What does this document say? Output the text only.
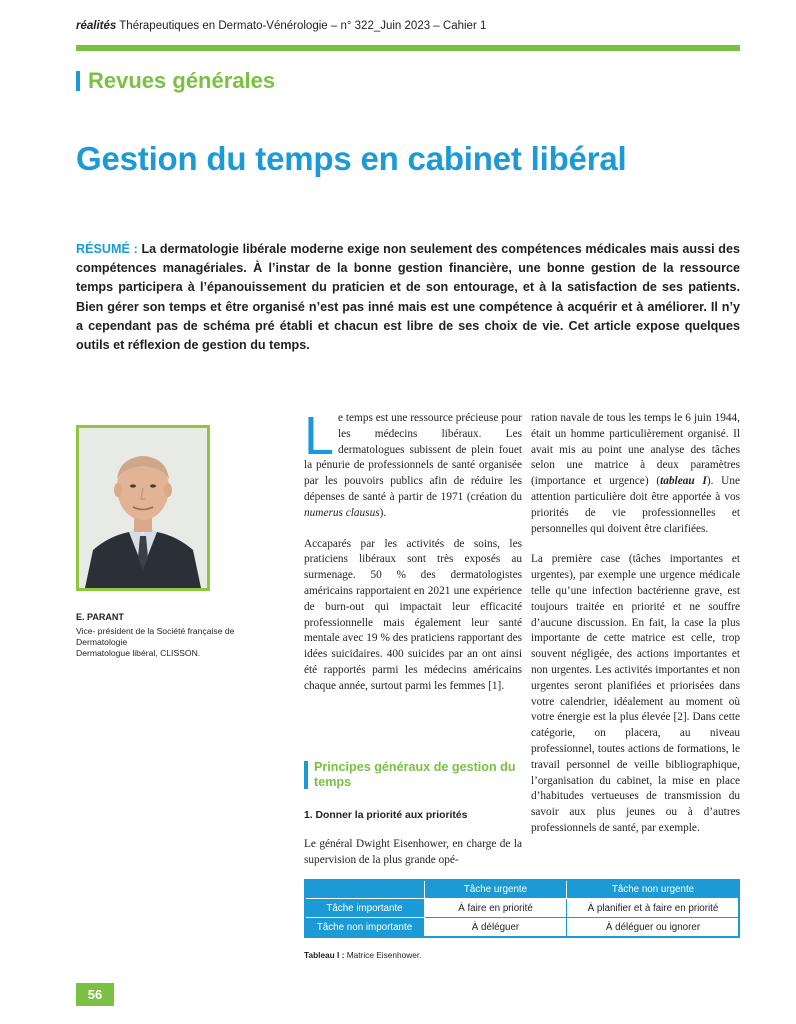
réalités Thérapeutiques en Dermato-Vénérologie – n° 322_Juin 2023 – Cahier 1
Revues générales
Gestion du temps en cabinet libéral
RÉSUMÉ : La dermatologie libérale moderne exige non seulement des compétences médicales mais aussi des compétences managériales. À l’instar de la bonne gestion financière, une bonne gestion de la ressource temps participera à l’épanouissement du praticien et de son entourage, et à la satisfaction de ses patients. Bien gérer son temps et être organisé n’est pas inné mais est une compétence à acquérir et à améliorer. Il n’y a cependant pas de schéma pré établi et chacun est libre de ses choix de vie. Cet article expose quelques outils et réflexion de gestion du temps.
E. PARANT
Vice- président de la Société française de Dermatologie
Dermatologue libéral, CLISSON.

Le temps est une ressource précieuse pour les médecins libéraux. Les dermatologues subissent de plein fouet la pénurie de professionnels de santé organisée par les pouvoirs publics afin de réduire les dépenses de santé à partir de 1971 (création du numerus clausus).

Accaparés par les activités de soins, les praticiens libéraux sont très exposés au surmenage. 50 % des dermatologistes américains rapportaient en 2021 une expérience de burn-out qui impactait leur efficacité professionnelle mais également leur santé mentale avec 19 % des praticiens rapportant des idées suicidaires. 400 suicides par an ont ainsi été rapportés parmi les médecins américains chaque année, surtout parmi les femmes [1].

Principes généraux de gestion du temps
1. Donner la priorité aux priorités

Le général Dwight Eisenhower, en charge de la supervision de la plus grande opé-

ration navale de tous les temps le 6 juin 1944, était un homme particulièrement organisé. Il avait mis au point une analyse des tâches selon une matrice à deux paramètres (importance et urgence) (tableau I). Une attention particulière doit être apportée à vos priorités de vie professionnelles et personnelles qui doivent être clarifiées.

La première case (tâches importantes et urgentes), par exemple une urgence médicale telle qu’une infection bactérienne grave, est toujours traitée en priorité et ne souffre d’aucune discussion. En fait, la case la plus importante de cette matrice est celle, trop souvent négligée, des actions importantes et non urgentes. Les activités importantes et non urgentes seront planifiées et priorisées dans votre calendrier, idéalement au moment où votre énergie est la plus élevée [2]. Dans cette catégorie, on placera, au niveau professionnel, toutes actions de formations, le travail personnel de veille bibliographique, l’organisation du cabinet, la mise en place d’habitudes vertueuses de transmission du savoir aux plus jeunes ou à d’autres professionnels de santé, par exemple.

	Tâche urgente	Tâche non urgente
Tâche importante	À faire en priorité	À planifier et à faire en priorité
Tâche non importante	À déléguer	À déléguer ou ignorer
Tableau I : Matrice Eisenhower.
56
